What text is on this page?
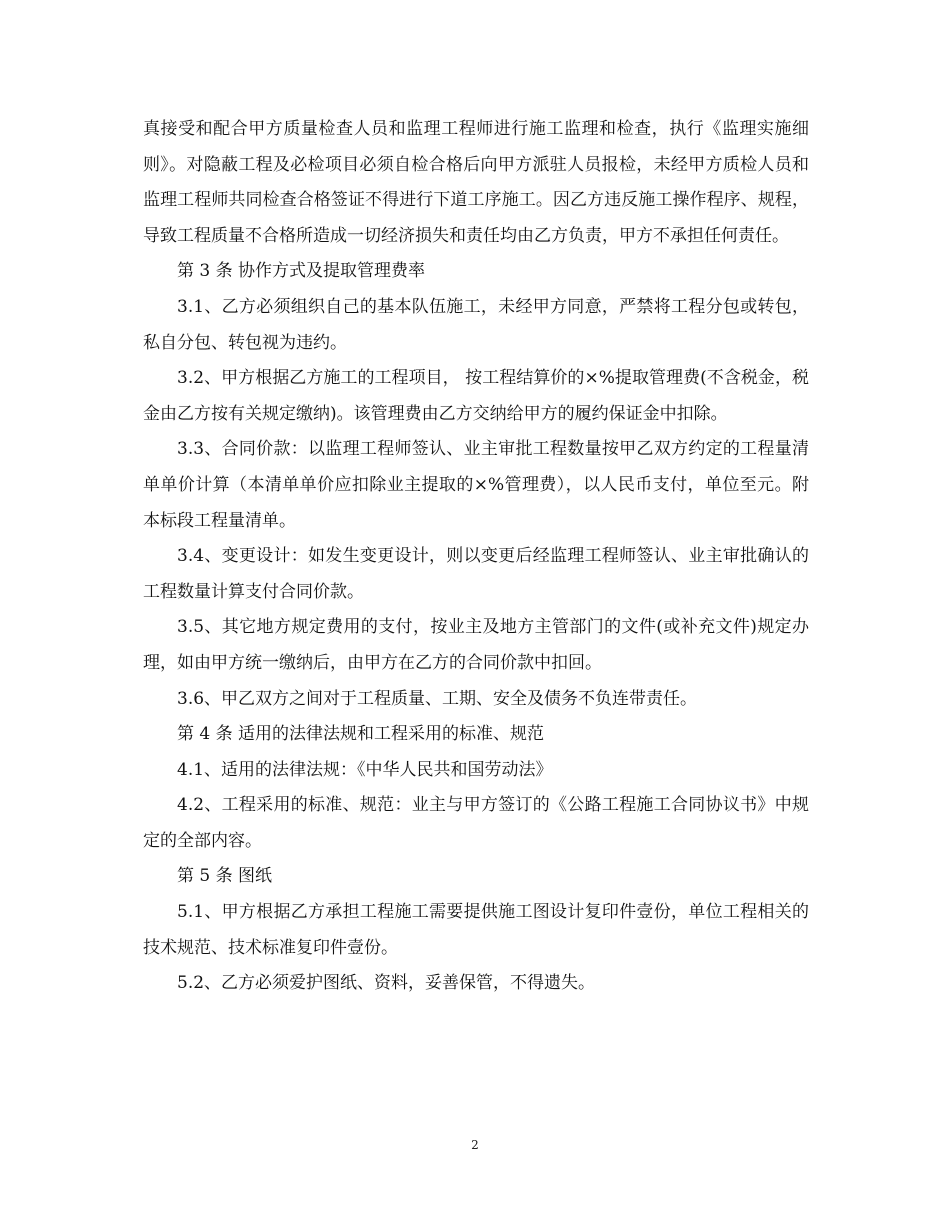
真接受和配合甲方质量检查人员和监理工程师进行施工监理和检查，执行《监理实施细则》。对隐蔽工程及必检项目必须自检合格后向甲方派驻人员报检，未经甲方质检人员和监理工程师共同检查合格签证不得进行下道工序施工。因乙方违反施工操作程序、规程，导致工程质量不合格所造成一切经济损失和责任均由乙方负责，甲方不承担任何责任。

第 3 条 协作方式及提取管理费率

3.1、乙方必须组织自己的基本队伍施工，未经甲方同意，严禁将工程分包或转包，私自分包、转包视为违约。

3.2、甲方根据乙方施工的工程项目， 按工程结算价的×%提取管理费(不含税金，税金由乙方按有关规定缴纳)。该管理费由乙方交纳给甲方的履约保证金中扣除。

3.3、合同价款：以监理工程师签认、业主审批工程数量按甲乙双方约定的工程量清单单价计算（本清单单价应扣除业主提取的×%管理费），以人民币支付，单位至元。附本标段工程量清单。

3.4、变更设计：如发生变更设计，则以变更后经监理工程师签认、业主审批确认的工程数量计算支付合同价款。

3.5、其它地方规定费用的支付，按业主及地方主管部门的文件(或补充文件)规定办理，如由甲方统一缴纳后，由甲方在乙方的合同价款中扣回。

3.6、甲乙双方之间对于工程质量、工期、安全及债务不负连带责任。

第 4 条 适用的法律法规和工程采用的标准、规范

4.1、适用的法律法规：《中华人民共和国劳动法》

4.2、工程采用的标准、规范：业主与甲方签订的《公路工程施工合同协议书》中规定的全部内容。

第 5 条 图纸

5.1、甲方根据乙方承担工程施工需要提供施工图设计复印件壹份，单位工程相关的技术规范、技术标准复印件壹份。

5.2、乙方必须爱护图纸、资料，妥善保管，不得遗失。

2
